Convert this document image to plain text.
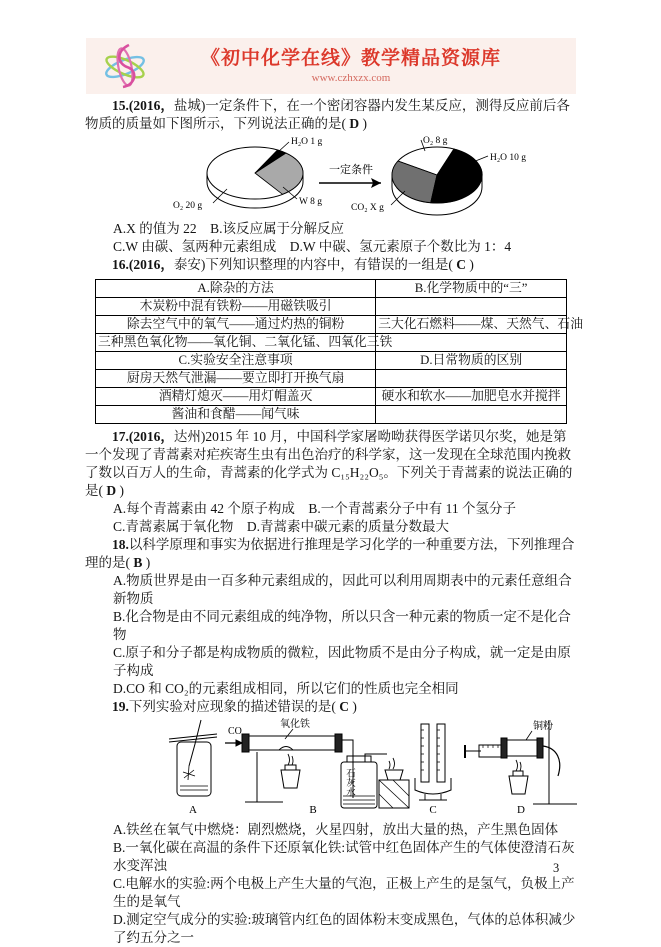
《初中化学在线》教学精品资源库
www.czhxzx.com

15.(2016，盐城)一定条件下，在一个密闭容器内发生某反应，测得反应前后各物质的质量如下图所示，下列说法正确的是( D )

H₂O 1 g
W 8 g
O₂ 20 g
一定条件
O₂ 8 g
H₂O 10 g
CO₂ X g

A.X 的值为 22　B.该反应属于分解反应

C.W 由碳、氢两种元素组成　D.W 中碳、氢元素原子个数比为 1：4

16.(2016，泰安)下列知识整理的内容中，有错误的一组是( C )

A.除杂的方法	B.化学物质中的“三”
木炭粉中混有铁粉——用磁铁吸引	
除去空气中的氧气——通过灼热的铜粉	三大化石燃料——煤、天然气、石油
三种黑色氧化物——氧化铜、二氧化锰、四氧化三铁	
C.实验安全注意事项	D.日常物质的区别
厨房天然气泄漏——要立即打开换气扇	
酒精灯熄灭——用灯帽盖灭	硬水和软水——加肥皂水并搅拌
酱油和食醋——闻气味	

17.(2016，达州)2015 年 10 月，中国科学家屠呦呦获得医学诺贝尔奖，她是第一个发现了青蒿素对疟疾寄生虫有出色治疗的科学家，这一发现在全球范围内挽救了数以百万人的生命，青蒿素的化学式为 C₁₅H₂₂O₅。下列关于青蒿素的说法正确的是( D )

A.每个青蒿素由 42 个原子构成　B.一个青蒿素分子中有 11 个氢分子

C.青蒿素属于氧化物　D.青蒿素中碳元素的质量分数最大

18.以科学原理和事实为依据进行推理是学习化学的一种重要方法，下列推理合理的是( B )

A.物质世界是由一百多种元素组成的，因此可以利用周期表中的元素任意组合新物质

B.化合物是由不同元素组成的纯净物，所以只含一种元素的物质一定不是化合物

C.原子和分子都是构成物质的微粒，因此物质不是由分子构成，就一定是由原子构成

D.CO 和 CO₂的元素组成相同，所以它们的性质也完全相同

19.下列实验对应现象的描述错误的是( C )

CO
氧化铁
石灰水
铜粉
A	B	C	D

A.铁丝在氧气中燃烧：剧烈燃烧，火星四射，放出大量的热，产生黑色固体

B.一氧化碳在高温的条件下还原氧化铁:试管中红色固体产生的气体使澄清石灰水变浑浊

C.电解水的实验:两个电极上产生大量的气泡，正极上产生的是氢气，负极上产生的是氧气

D.测定空气成分的实验:玻璃管内红色的固体粉末变成黑色，气体的总体积减少了约五分之一

3
